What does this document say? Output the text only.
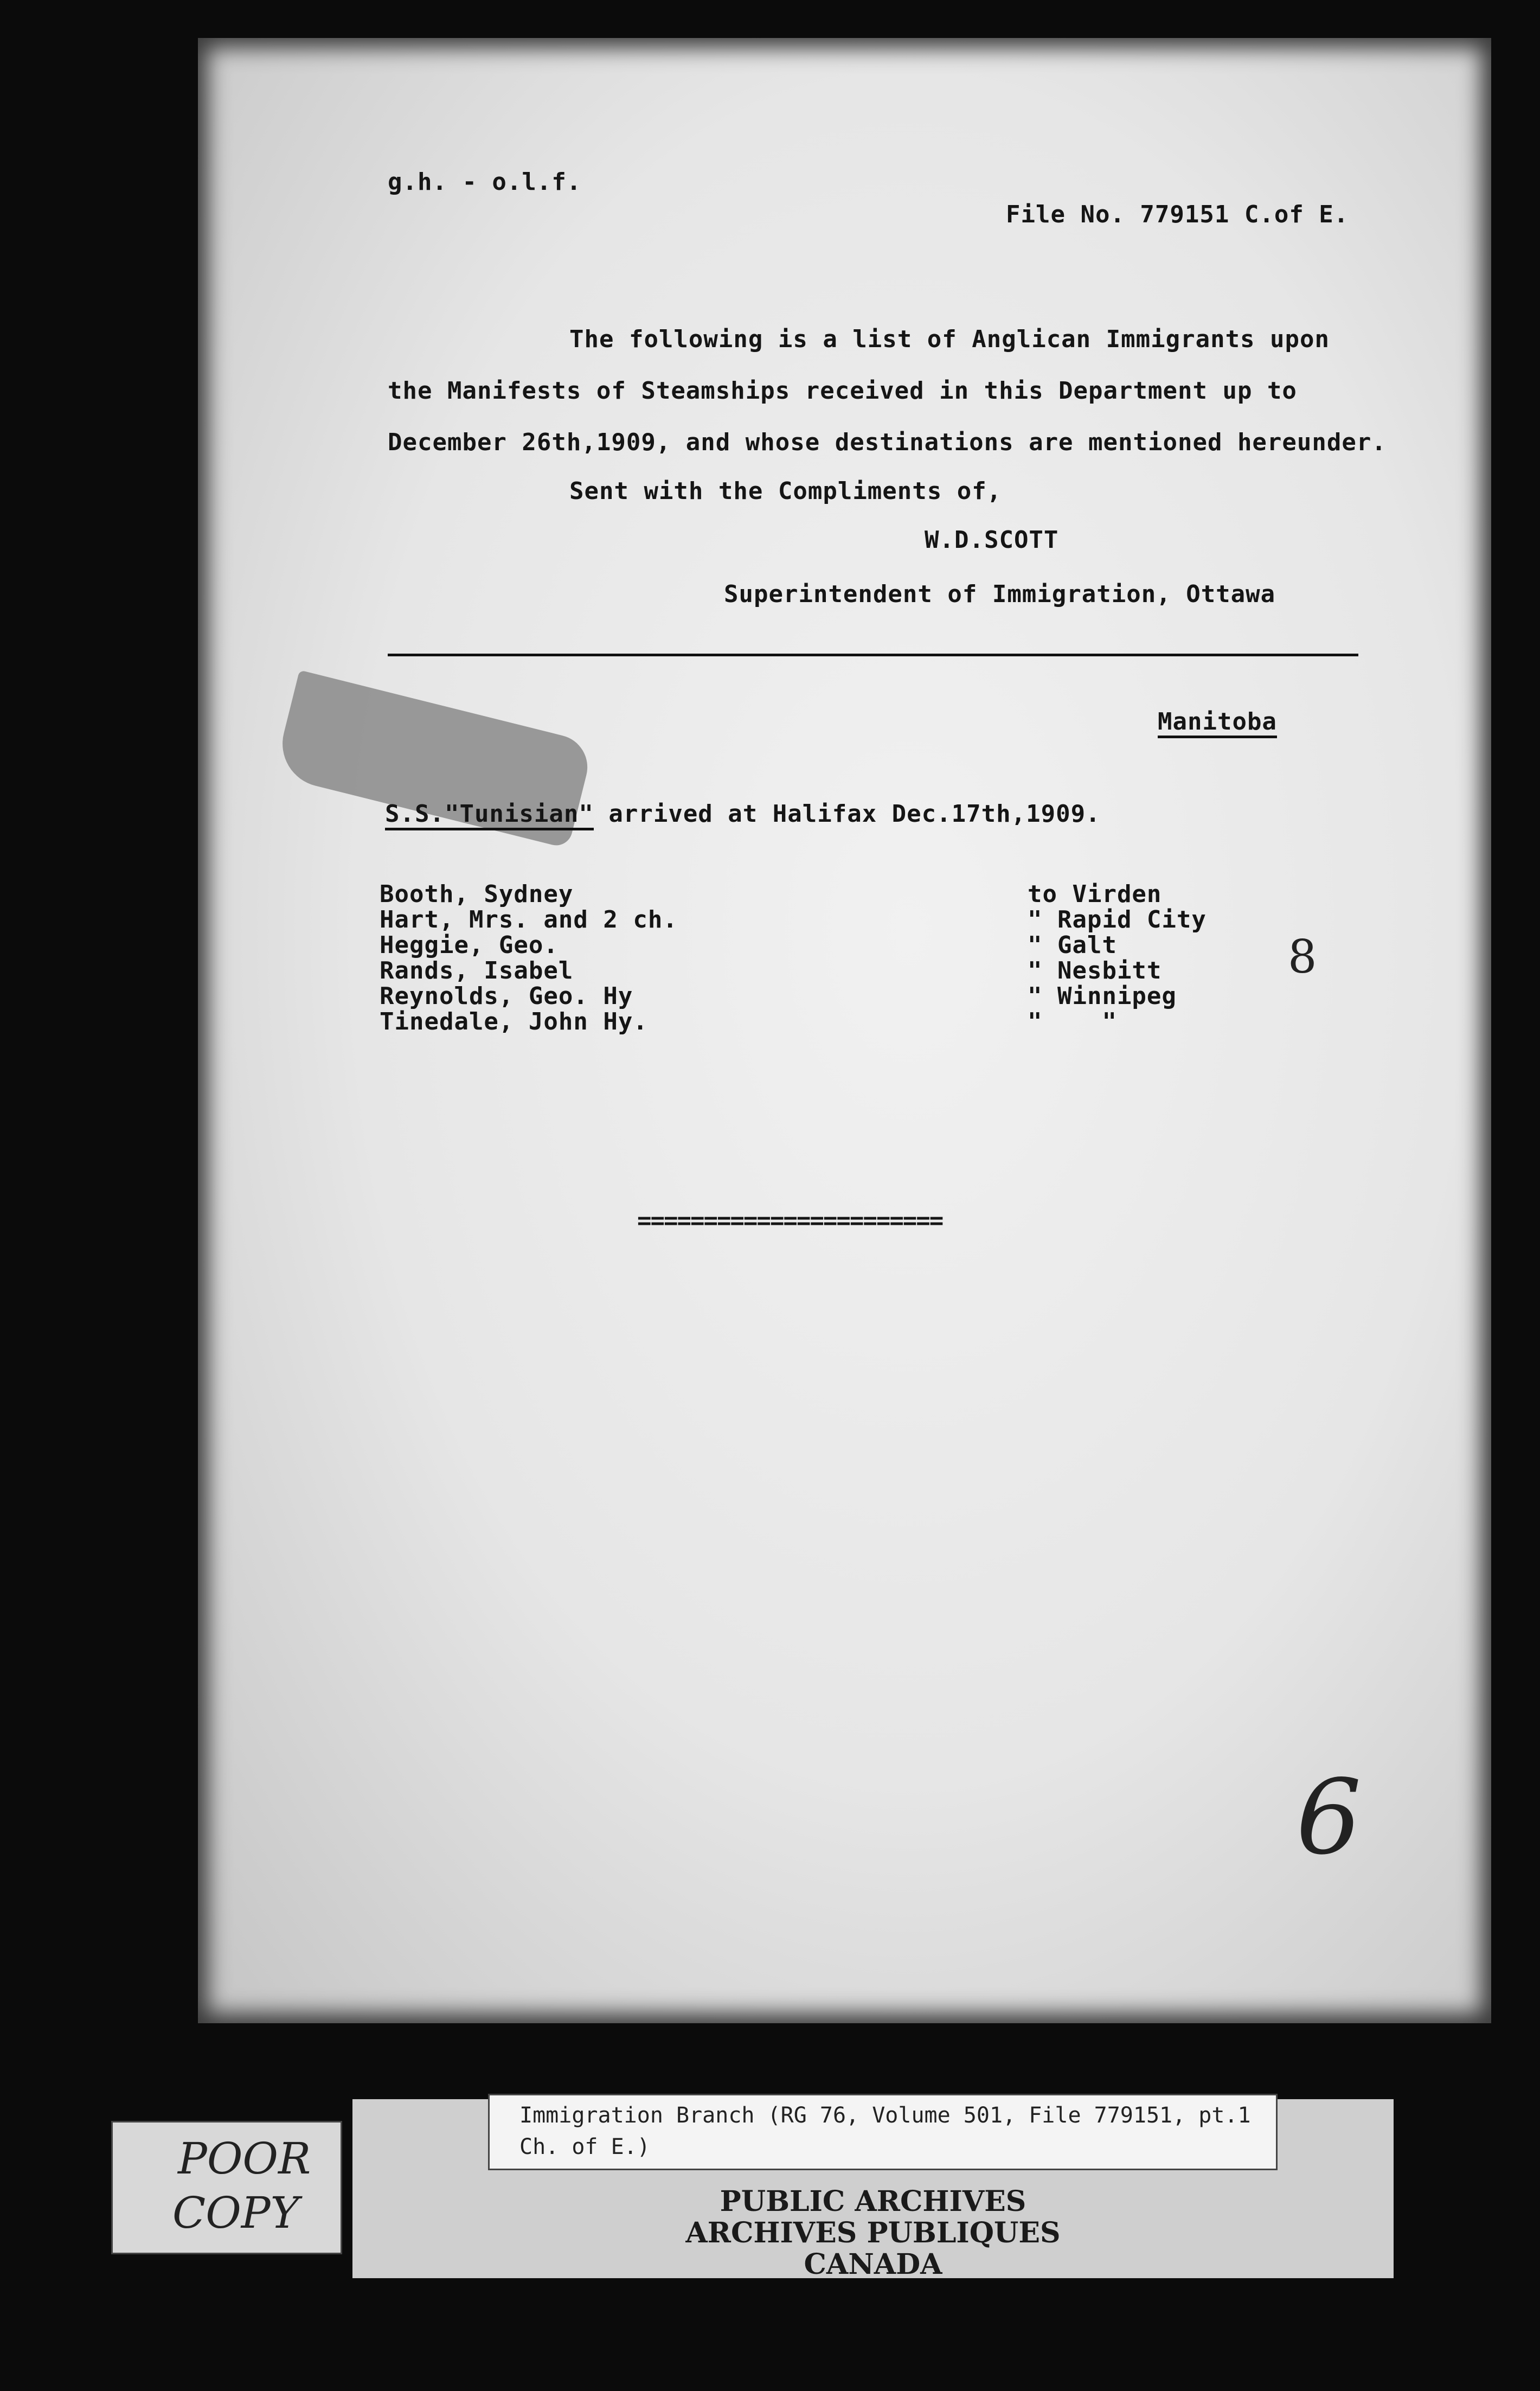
g.h. - o.l.f.
File No. 779151 C.of E.
The following is a list of Anglican Immigrants upon
the Manifests of Steamships received in this Department up to
December 26th,1909, and whose destinations are mentioned hereunder.
Sent with the Compliments of,
W.D.SCOTT
Superintendent of Immigration, Ottawa
Manitoba
S.S."Tunisian" arrived at Halifax Dec.17th,1909.
Booth, Sydney
Hart, Mrs. and 2 ch.
Heggie, Geo.
Rands, Isabel
Reynolds, Geo. Hy
Tinedale, John Hy.
to Virden
" Rapid City
" Galt
" Nesbitt
" Winnipeg
"    "
8
=======================
6
POOR
COPY
Immigration Branch (RG 76, Volume 501, File 779151, pt.1
Ch. of E.)
PUBLIC ARCHIVES
ARCHIVES PUBLIQUES
CANADA
